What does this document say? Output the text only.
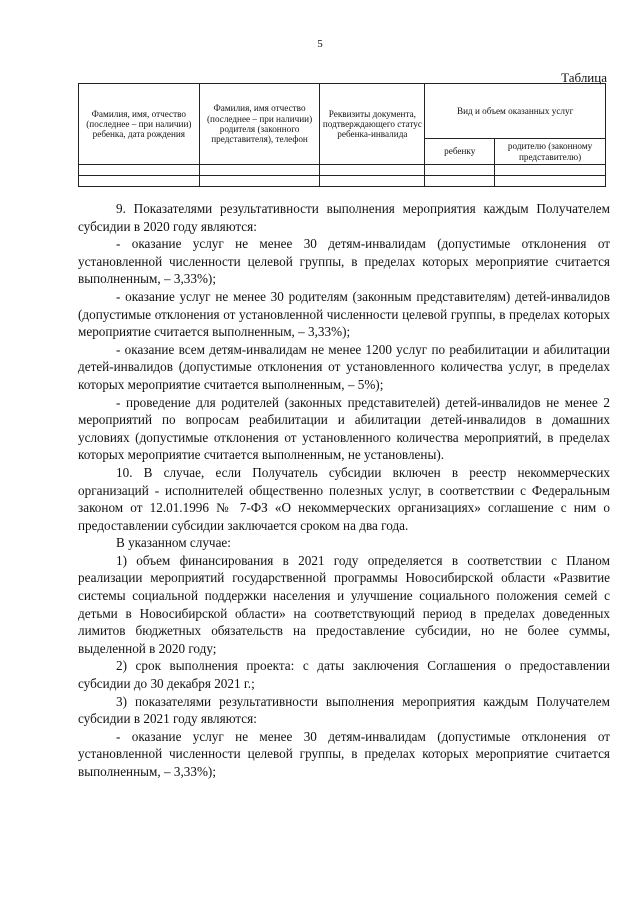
5
Таблица
Фамилия, имя, отчество (последнее – при наличии) ребенка, дата рождения	Фамилия, имя отчество (последнее – при наличии) родителя (законного представителя), телефон	Реквизиты документа, подтверждающего статус ребенка-инвалида	Вид и объем оказанных услуг	
			ребенку	родителю (законному представителю)

9. Показателями результативности выполнения мероприятия каждым Получателем субсидии в 2020 году являются:

- оказание услуг не менее 30 детям-инвалидам (допустимые отклонения от установленной численности целевой группы, в пределах которых мероприятие считается выполненным, – 3,33%);

- оказание услуг не менее 30 родителям (законным представителям) детей-инвалидов (допустимые отклонения от установленной численности целевой группы, в пределах которых мероприятие считается выполненным, – 3,33%);

- оказание всем детям-инвалидам не менее 1200 услуг по реабилитации и абилитации детей-инвалидов (допустимые отклонения от установленного количества услуг, в пределах которых мероприятие считается выполненным, – 5%);

- проведение для родителей (законных представителей) детей-инвалидов не менее 2 мероприятий по вопросам реабилитации и абилитации детей-инвалидов в домашних условиях (допустимые отклонения от установленного количества мероприятий, в пределах которых мероприятие считается выполненным, не установлены).

10. В случае, если Получатель субсидии включен в реестр некоммерческих организаций - исполнителей общественно полезных услуг, в соответствии с Федеральным законом от 12.01.1996 № 7-ФЗ «О некоммерческих организациях» соглашение с ним о предоставлении субсидии заключается сроком на два года.

В указанном случае:

1) объем финансирования в 2021 году определяется в соответствии с Планом реализации мероприятий государственной программы Новосибирской области «Развитие системы социальной поддержки населения и улучшение социального положения семей с детьми в Новосибирской области» на соответствующий период в пределах доведенных лимитов бюджетных обязательств на предоставление субсидии, но не более суммы, выделенной в 2020 году;

2) срок выполнения проекта: с даты заключения Соглашения о предоставлении субсидии до 30 декабря 2021 г.;

3) показателями результативности выполнения мероприятия каждым Получателем субсидии в 2021 году являются:

- оказание услуг не менее 30 детям-инвалидам (допустимые отклонения от установленной численности целевой группы, в пределах которых мероприятие считается выполненным, – 3,33%);
